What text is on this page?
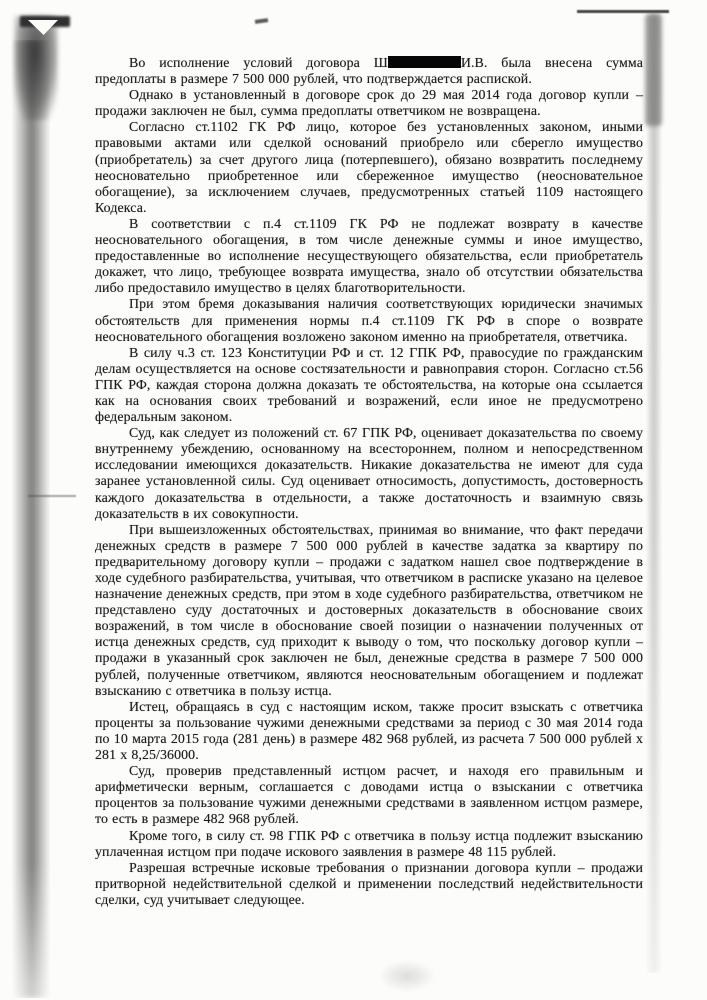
Во исполнение условий договора Ш	И.В. была внесена сумма предоплаты в размере 7 500 000 рублей, что подтверждается распиской.

Однако в установленный в договоре срок до 29 мая 2014 года договор купли – продажи заключен не был, сумма предоплаты ответчиком не возвращена.

Согласно ст.1102 ГК РФ лицо, которое без установленных законом, иными правовыми актами или сделкой оснований приобрело или сберегло имущество (приобретатель) за счет другого лица (потерпевшего), обязано возвратить последнему неосновательно приобретенное или сбереженное имущество (неосновательное обогащение), за исключением случаев, предусмотренных статьей 1109 настоящего Кодекса.

В соответствии с п.4 ст.1109 ГК РФ не подлежат возврату в качестве неосновательного обогащения, в том числе денежные суммы и иное имущество, предоставленные во исполнение несуществующего обязательства, если приобретатель докажет, что лицо, требующее возврата имущества, знало об отсутствии обязательства либо предоставило имущество в целях благотворительности.

При этом бремя доказывания наличия соответствующих юридически значимых обстоятельств для применения нормы п.4 ст.1109 ГК РФ в споре о возврате неосновательного обогащения возложено законом именно на приобретателя, ответчика.

В силу ч.3 ст. 123 Конституции РФ и ст. 12 ГПК РФ, правосудие по гражданским делам осуществляется на основе состязательности и равноправия сторон. Согласно ст.56 ГПК РФ, каждая сторона должна доказать те обстоятельства, на которые она ссылается как на основания своих требований и возражений, если иное не предусмотрено федеральным законом.

Суд, как следует из положений ст. 67 ГПК РФ, оценивает доказательства по своему внутреннему убеждению, основанному на всестороннем, полном и непосредственном исследовании имеющихся доказательств. Никакие доказательства не имеют для суда заранее установленной силы. Суд оценивает относимость, допустимость, достоверность каждого доказательства в отдельности, а также достаточность и взаимную связь доказательств в их совокупности.

При вышеизложенных обстоятельствах, принимая во внимание, что факт передачи денежных средств в размере 7 500 000 рублей в качестве задатка за квартиру по предварительному договору купли – продажи с задатком нашел свое подтверждение в ходе судебного разбирательства, учитывая, что ответчиком в расписке указано на целевое назначение денежных средств, при этом в ходе судебного разбирательства, ответчиком не представлено суду достаточных и достоверных доказательств в обоснование своих возражений, в том числе в обоснование своей позиции о назначении полученных от истца денежных средств, суд приходит к выводу о том, что поскольку договор купли – продажи в указанный срок заключен не был, денежные средства в размере 7 500 000 рублей, полученные ответчиком, являются неосновательным обогащением и подлежат взысканию с ответчика в пользу истца.

Истец, обращаясь в суд с настоящим иском, также просит взыскать с ответчика проценты за пользование чужими денежными средствами за период с 30 мая 2014 года по 10 марта 2015 года (281 день) в размере 482 968 рублей, из расчета 7 500 000 рублей х 281 х 8,25/36000.

Суд, проверив представленный истцом расчет, и находя его правильным и арифметически верным, соглашается с доводами истца о взыскании с ответчика процентов за пользование чужими денежными средствами в заявленном истцом размере, то есть в размере 482 968 рублей.

Кроме того, в силу ст. 98 ГПК РФ с ответчика в пользу истца подлежит взысканию уплаченная истцом при подаче искового заявления в размере 48 115 рублей.

Разрешая встречные исковые требования о признании договора купли – продажи притворной недействительной сделкой и применении последствий недействительности сделки, суд учитывает следующее.
